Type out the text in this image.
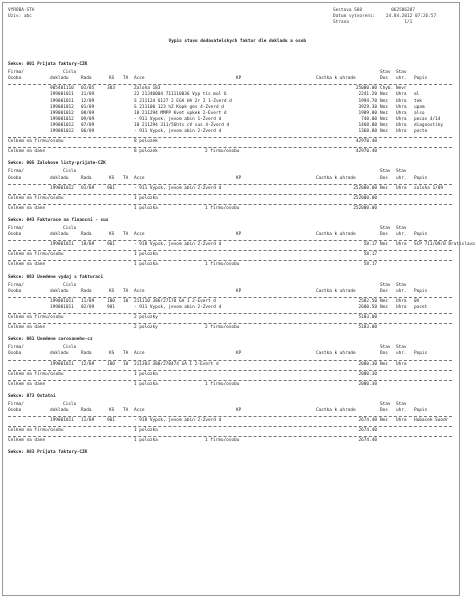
VYROBA-STA

	Sestava S68           062586287

Uziv: abc

	Datum vytvoreni:    24.04.2012 07:26:57

Strana                     1/1

Vypis stavu dodavatelskych faktur dle dokladu a osob

Sekce: 001 Prijata faktury-CZK
Firma/	Cislo	Stav Stav
Osoba	dokladu	Rada	KS TA Acce	KP	Castka k uhrade	Dos uhr. Popis
905401110 01/05	303	Zaloha 183	25000.00 Chyb. Nevr
199001011 11/09	22 21J40004 711110036 Vyp tis mol 6	2241.20 Nez Uhra al
199001011 12/09	S 211124 6127 2 EGA HA 2r 2 1-Zverd d	1994.70 Nez Uhra tek
199001012 01/09	S 211100 123 hZ Kopk ges 4-Zverd d	3929.30 Nez Uhra upam
199001012 08/09	18 211294 MMPP Kvet upkek 2-Evert d	1989.80 Nez Uhra also
199001012 09/09	- 911 Vypsk, jevom abin 1-Zverd d	740.00 Nez Uhra pocas 4/14
199001012 07/09	10 211294 311/56hts cV sus 4-Zverd d	1460.80 Nez Uhra diagnostiky
199001012 06/09	- 911 Vypsk, jevom abin 2-Zverd d	1360.80 Nez Uhra pocte
Celkem na firmu/osobu	8 polozek	42970.40
Celkem na dane	8 polozek	2 firmu/osobu	42970.40
Sekce: 005 Zalohove listy-prijate-CZK
Firma/	Cislo	Stav Stav
Osoba	dokladu	Rada	KS TA Acce	KP	Castka k uhrade	Dos uhr. Popis
199001012 01/09	901	- 911 Vypsk, jevom abin 2-Zverd d	252000.00 Nez Uhra zaloha 1/09
Celkem na firmu/osobu	1 polozka	252000.00
Celkem na dane	1 polozka	1 firmu/osobu	252000.00
Sekce: 043 Fakturace na financni - sus
Firma/	Cislo	Stav Stav
Osoba	dokladu	Rada	KS TA Acce	KP	Castka k uhrade	Dos uhr. Popis
199001011 10/09	901	- 910 Vypsk, jevom abin 2-Zverd d	58.17 Nez Uhra SCP 711/09/B Bratislava
Celkem na firmu/osobu	1 polozka	58.17
Celkem na dane	1 polozka	1 firmu/osobu	58.17
Sekce: 063 Uvedene vydaj s fakturaci
Firma/	Cislo	Stav Stav
Osoba	dokladu	Rada	KS TA Acce	KP	Castka k uhrade	Dos uhr. Popis
199001011 11/09	180 10 211110 386/27170 GA I 2-Evert d	2582.50 Nez Uhra 0V
199001011 02/09	901	- 911 Vypsk, jevom abin 2-Zverd d	2600.50 Nez Uhra pocet
Celkem na firmu/osobu	2 polozky	5183.00
Celkem na dane	2 polozky	2 firmu/osobu	5183.00
Sekce: 061 Uvedene carovaneho-cz
Firma/	Cislo	Stav Stav
Osoba	dokladu	Rada	KS TA Acce	KP	Castka k uhrade	Dos uhr. Popis
199001011 12/09	180 10 211303 380/270474 GA I 2-Evert d	2080.30 Nez Uhra
Celkem na firmu/osobu	1 polozka	2080.30
Celkem na dane	1 polozka	1 firmu/osobu	2080.30
Sekce: 073 Ostatni
Firma/	Cislo	Stav Stav
Osoba	dokladu	Rada	KS TA Acce	KP	Castka k uhrade	Dos uhr. Popis
199001011 11/09	901	- 910 Vypsk, jevom abin 2-Zverd d	2674.40 Nez Uhra Hubacek Soodr
Celkem na firmu/osobu	1 polozka	2674.40
Celkem na dane	1 polozka	1 firmu/osobu	2674.40
Sekce: 883 Prijata faktury-CZK
